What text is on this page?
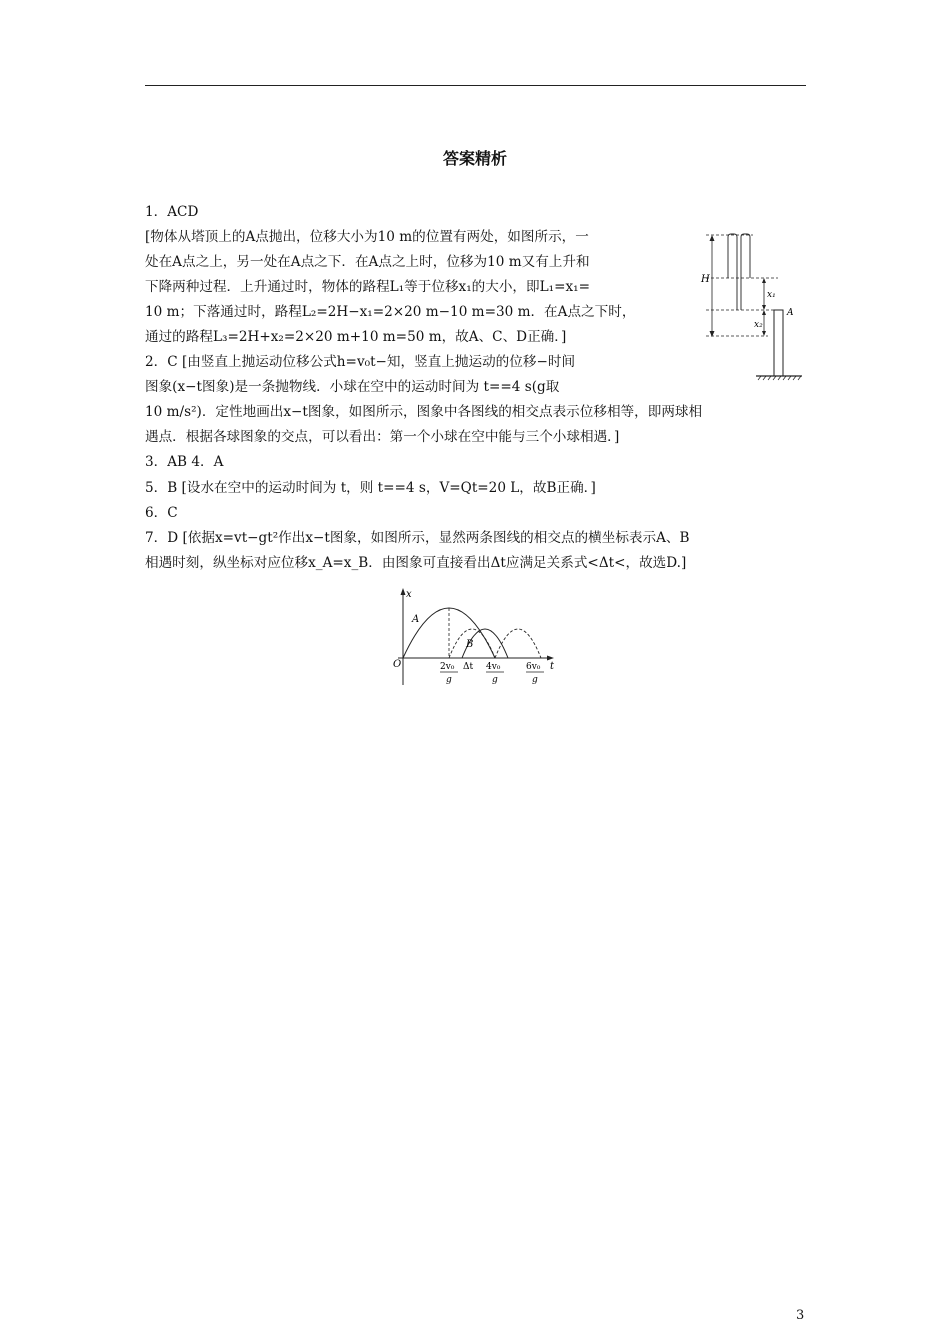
答案精析
1．ACD
[物体从塔顶上的A点抛出，位移大小为10 m的位置有两处，如图所示，一
处在A点之上，另一处在A点之下．在A点之上时，位移为10 m又有上升和
下降两种过程．上升通过时，物体的路程L₁等于位移x₁的大小，即L₁=x₁=
10 m；下落通过时，路程L₂=2H−x₁=2×20 m−10 m=30 m．在A点之下时，
通过的路程L₃=2H+x₂=2×20 m+10 m=50 m，故A、C、D正确．]
2．C [由竖直上抛运动位移公式h=v₀t−知，竖直上抛运动的位移−时间
图象(x−t图象)是一条抛物线．小球在空中的运动时间为 t==4 s(g取
10 m/s²)．定性地画出x−t图象，如图所示，图象中各图线的相交点表示位移相等，即两球相
遇点．根据各球图象的交点，可以看出：第一个小球在空中能与三个小球相遇．]
3．AB 4．A
5．B [设水在空中的运动时间为 t，则 t==4 s，V=Qt=20 L，故B正确．]
6．C
7．D [依据x=vt−gt²作出x−t图象，如图所示，显然两条图线的相交点的横坐标表示A、B
相遇时刻，纵坐标对应位移x_A=x_B．由图象可直接看出Δt应满足关系式<Δt<，故选D.]
H
x₁
x₂
A
x
t
O
A
B
2v₀
g
Δt 4v₀
g
6v₀
g
3
